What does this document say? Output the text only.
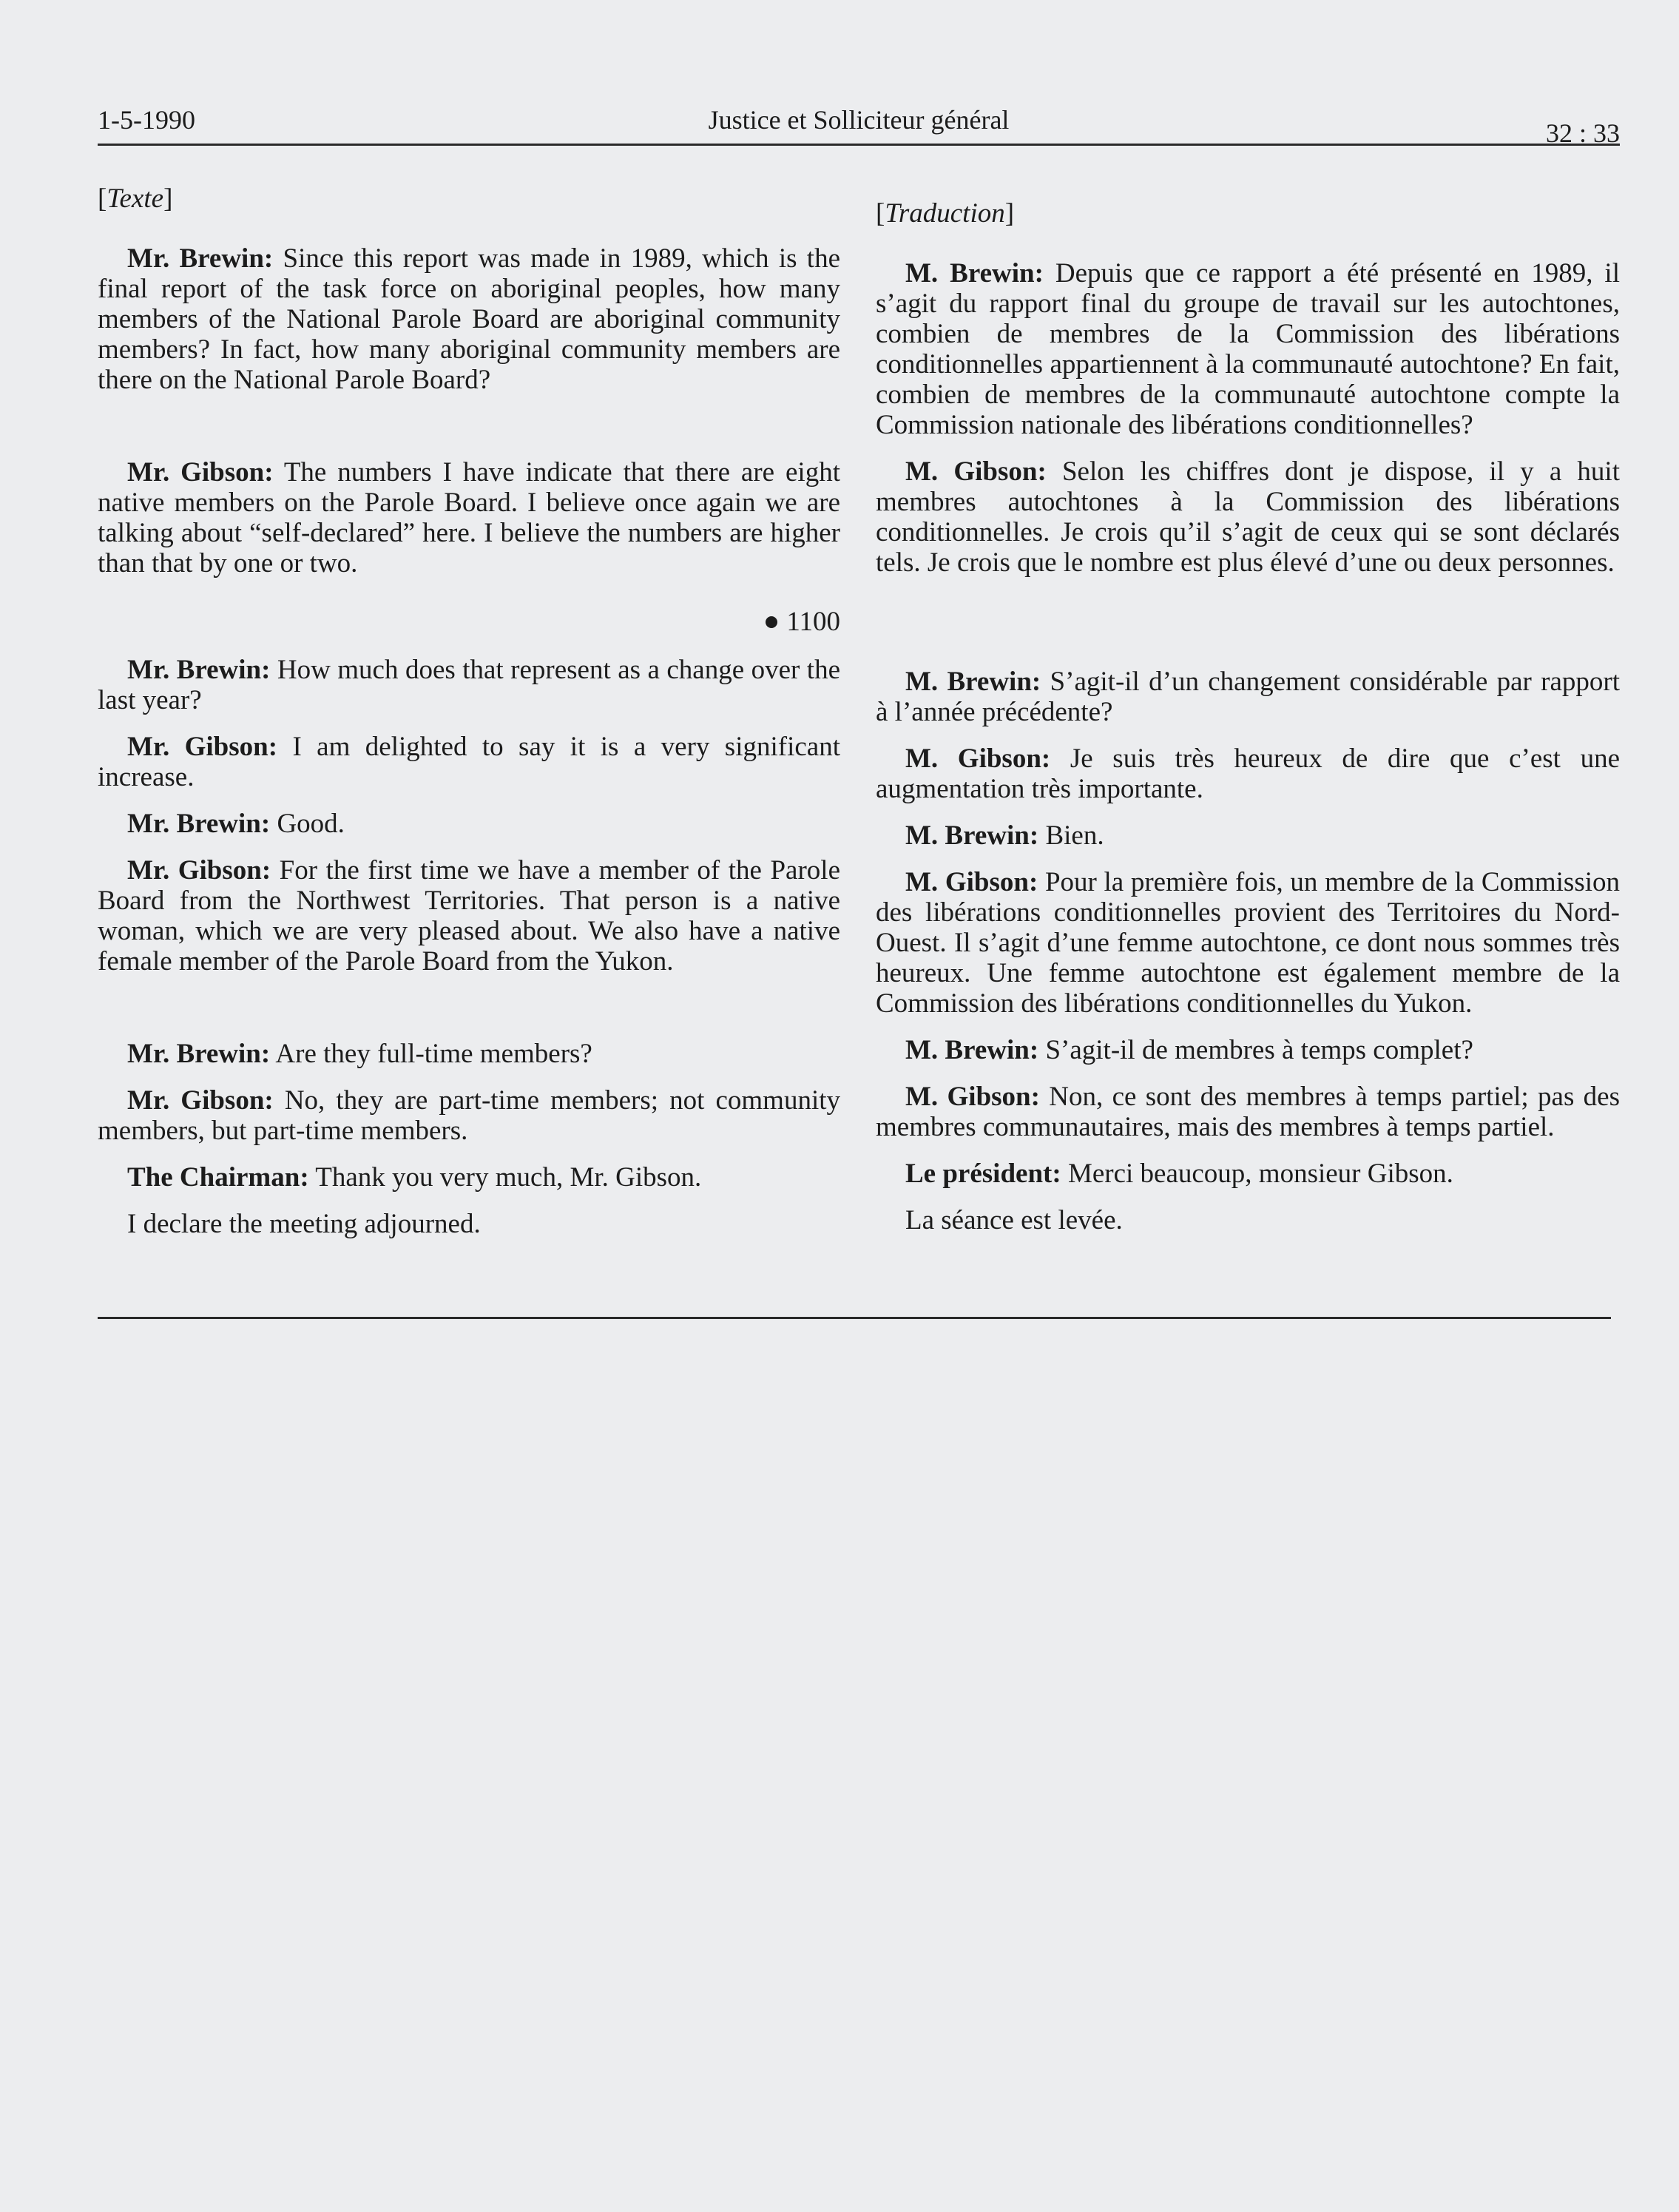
1-5-1990	Justice et Solliciteur général	32 : 33

[Texte]

Mr. Brewin: Since this report was made in 1989, which is the final report of the task force on aboriginal peoples, how many members of the National Parole Board are aboriginal community members? In fact, how many aboriginal community members are there on the National Parole Board?

Mr. Gibson: The numbers I have indicate that there are eight native members on the Parole Board. I believe once again we are talking about “self-declared” here. I believe the numbers are higher than that by one or two.

1100

Mr. Brewin: How much does that represent as a change over the last year?

Mr. Gibson: I am delighted to say it is a very significant increase.

Mr. Brewin: Good.

Mr. Gibson: For the first time we have a member of the Parole Board from the Northwest Territories. That person is a native woman, which we are very pleased about. We also have a native female member of the Parole Board from the Yukon.

Mr. Brewin: Are they full-time members?

Mr. Gibson: No, they are part-time members; not community members, but part-time members.

The Chairman: Thank you very much, Mr. Gibson.

I declare the meeting adjourned.

[Traduction]

M. Brewin: Depuis que ce rapport a été présenté en 1989, il s’agit du rapport final du groupe de travail sur les autochtones, combien de membres de la Commission des libérations conditionnelles appartiennent à la communauté autochtone? En fait, combien de membres de la communauté autochtone compte la Commission nationale des libérations conditionnelles?

M. Gibson: Selon les chiffres dont je dispose, il y a huit membres autochtones à la Commission des libérations conditionnelles. Je crois qu’il s’agit de ceux qui se sont déclarés tels. Je crois que le nombre est plus élevé d’une ou deux personnes.

M. Brewin: S’agit-il d’un changement considérable par rapport à l’année précédente?

M. Gibson: Je suis très heureux de dire que c’est une augmentation très importante.

M. Brewin: Bien.

M. Gibson: Pour la première fois, un membre de la Commission des libérations conditionnelles provient des Territoires du Nord-Ouest. Il s’agit d’une femme autochtone, ce dont nous sommes très heureux. Une femme autochtone est également membre de la Commission des libérations conditionnelles du Yukon.

M. Brewin: S’agit-il de membres à temps complet?

M. Gibson: Non, ce sont des membres à temps partiel; pas des membres communautaires, mais des membres à temps partiel.

Le président: Merci beaucoup, monsieur Gibson.

La séance est levée.
